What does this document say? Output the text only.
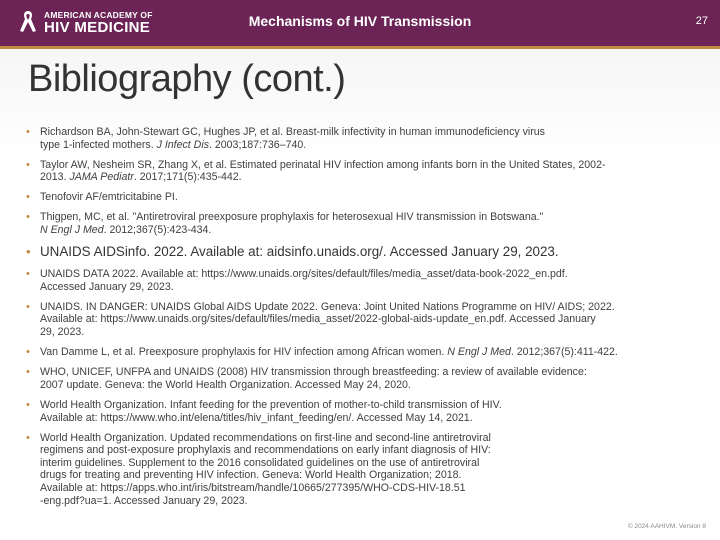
AMERICAN ACADEMY OF
HIV MEDICINE	Mechanisms of HIV Transmission	27
Bibliography (cont.)
• Richardson BA, John-Stewart GC, Hughes JP, et al. Breast-milk infectivity in human immunodeficiency virus
type 1-infected mothers. J Infect Dis. 2003;187:736–740.
• Taylor AW, Nesheim SR, Zhang X, et al. Estimated perinatal HIV infection among infants born in the United States, 2002-
2013. JAMA Pediatr. 2017;171(5):435-442.
• Tenofovir AF/emtricitabine PI.
• Thigpen, MC, et al. "Antiretroviral preexposure prophylaxis for heterosexual HIV transmission in Botswana."
N Engl J Med. 2012;367(5):423-434.
• UNAIDS AIDSinfo. 2022. Available at: aidsinfo.unaids.org/. Accessed January 29, 2023.
• UNAIDS DATA 2022. Available at: https://www.unaids.org/sites/default/files/media_asset/data-book-2022_en.pdf.
Accessed January 29, 2023.
• UNAIDS. IN DANGER: UNAIDS Global AIDS Update 2022. Geneva: Joint United Nations Programme on HIV/ AIDS; 2022.
Available at: https://www.unaids.org/sites/default/files/media_asset/2022-global-aids-update_en.pdf. Accessed January
29, 2023.
• Van Damme L, et al. Preexposure prophylaxis for HIV infection among African women. N Engl J Med. 2012;367(5):411-422.
• WHO, UNICEF, UNFPA and UNAIDS (2008) HIV transmission through breastfeeding: a review of available evidence:
2007 update. Geneva: the World Health Organization. Accessed May 24, 2020.
• World Health Organization. Infant feeding for the prevention of mother-to-child transmission of HIV.
Available at: https://www.who.int/elena/titles/hiv_infant_feeding/en/. Accessed May 14, 2021.
• World Health Organization. Updated recommendations on first-line and second-line antiretroviral
regimens and post-exposure prophylaxis and recommendations on early infant diagnosis of HIV:
interim guidelines. Supplement to the 2016 consolidated guidelines on the use of antiretroviral
drugs for treating and preventing HIV infection. Geneva: World Health Organization; 2018.
Available at: https://apps.who.int/iris/bitstream/handle/10665/277395/WHO-CDS-HIV-18.51
-eng.pdf?ua=1. Accessed January 29, 2023.
© 2024 AAHIVM. Version 8
